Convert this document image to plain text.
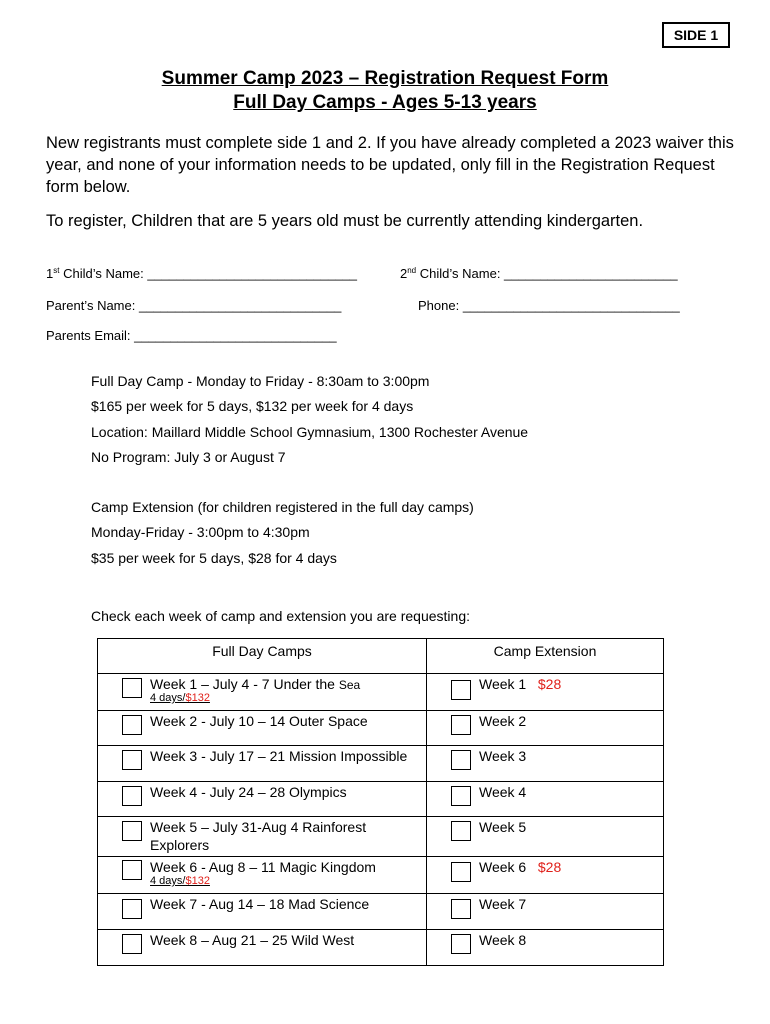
SIDE 1
Summer Camp 2023 – Registration Request Form
Full Day Camps - Ages 5-13 years
New registrants must complete side 1 and 2. If you have already completed a 2023 waiver this year, and none of your information needs to be updated, only fill in the Registration Request form below.
To register, Children that are 5 years old must be currently attending kindergarten.
1st Child’s Name: _____________________________	2nd Child’s Name: ________________________
Parent’s Name: ____________________________	Phone: ______________________________
Parents Email: ____________________________
Full Day Camp - Monday to Friday - 8:30am to 3:00pm
$165 per week for 5 days, $132 per week for 4 days
Location: Maillard Middle School Gymnasium, 1300 Rochester Avenue
No Program: July 3 or August 7
Camp Extension (for children registered in the full day camps)
Monday-Friday - 3:00pm to 4:30pm
$35 per week for 5 days, $28 for 4 days
Check each week of camp and extension you are requesting:
Full Day Camps	Camp Extension

Week 1 – July 4 - 7 Under the Sea
4 days/$132	Week 1 $28

Week 2 - July 10 – 14 Outer Space	Week 2

Week 3 - July 17 – 21 Mission Impossible	Week 3

Week 4 - July 24 – 28 Olympics	Week 4

Week 5 – July 31-Aug 4 Rainforest
Explorers	Week 5

Week 6 - Aug 8 – 11 Magic Kingdom
4 days/$132	Week 6 $28

Week 7 - Aug 14 – 18 Mad Science	Week 7

Week 8 – Aug 21 – 25 Wild West	Week 8
